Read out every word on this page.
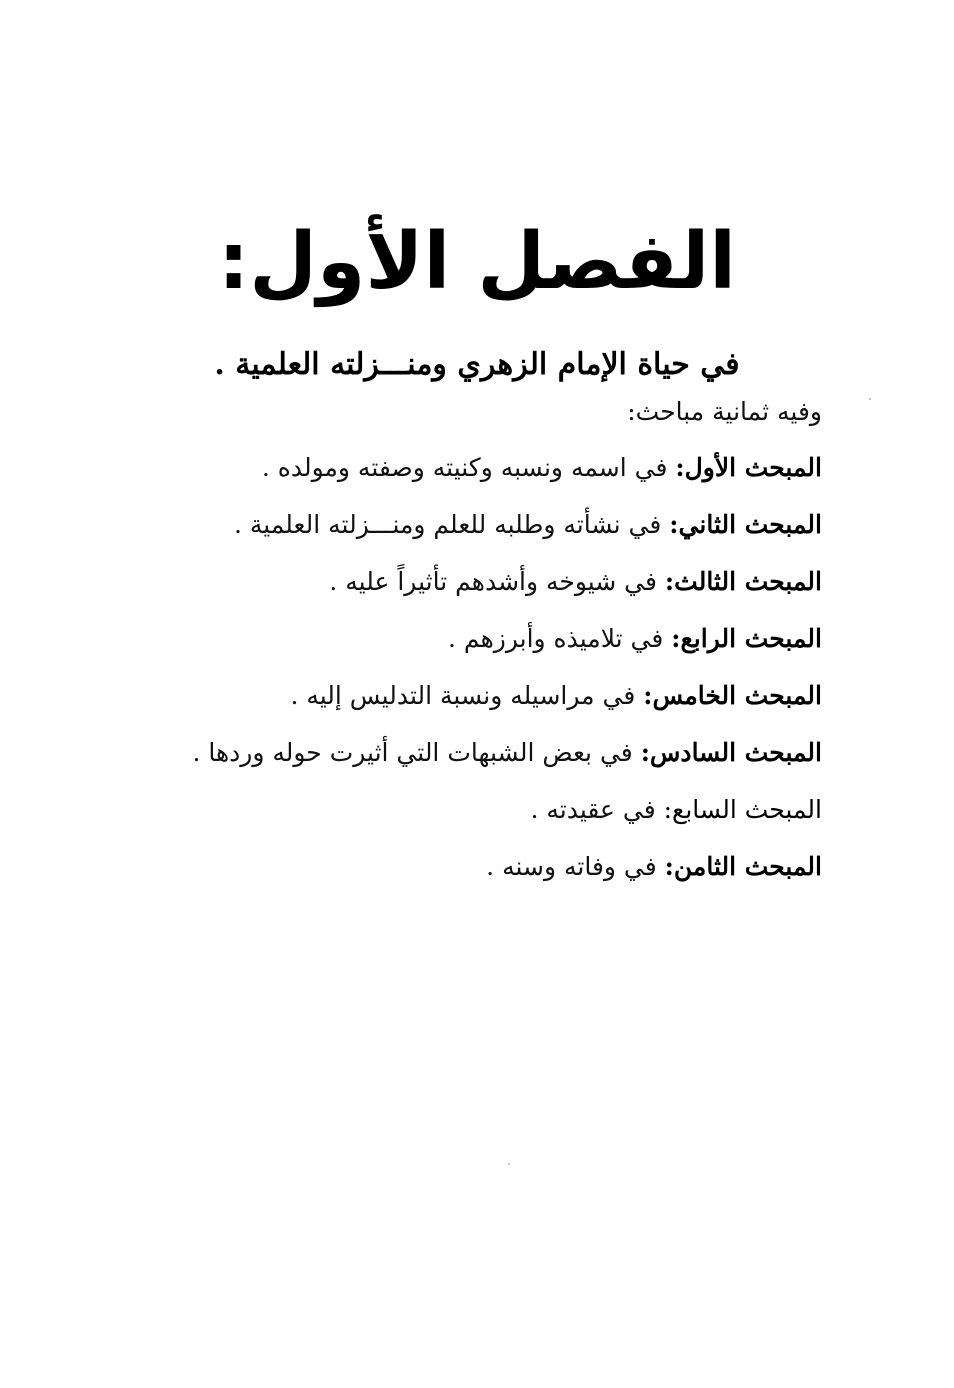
الفصل الأول:
في حياة الإمام الزهري ومنـــزلته العلمية .

وفيه ثمانية مباحث:

المبحث الأول: في اسمه ونسبه وكنيته وصفته ومولده .
المبحث الثاني: في نشأته وطلبه للعلم ومنـــزلته العلمية .
المبحث الثالث: في شيوخه وأشدهم تأثيراً عليه .
المبحث الرابع: في تلاميذه وأبرزهم .
المبحث الخامس: في مراسيله ونسبة التدليس إليه .
المبحث السادس: في بعض الشبهات التي أثيرت حوله وردها .
المبحث السابع: في عقيدته .
المبحث الثامن: في وفاته وسنه .
